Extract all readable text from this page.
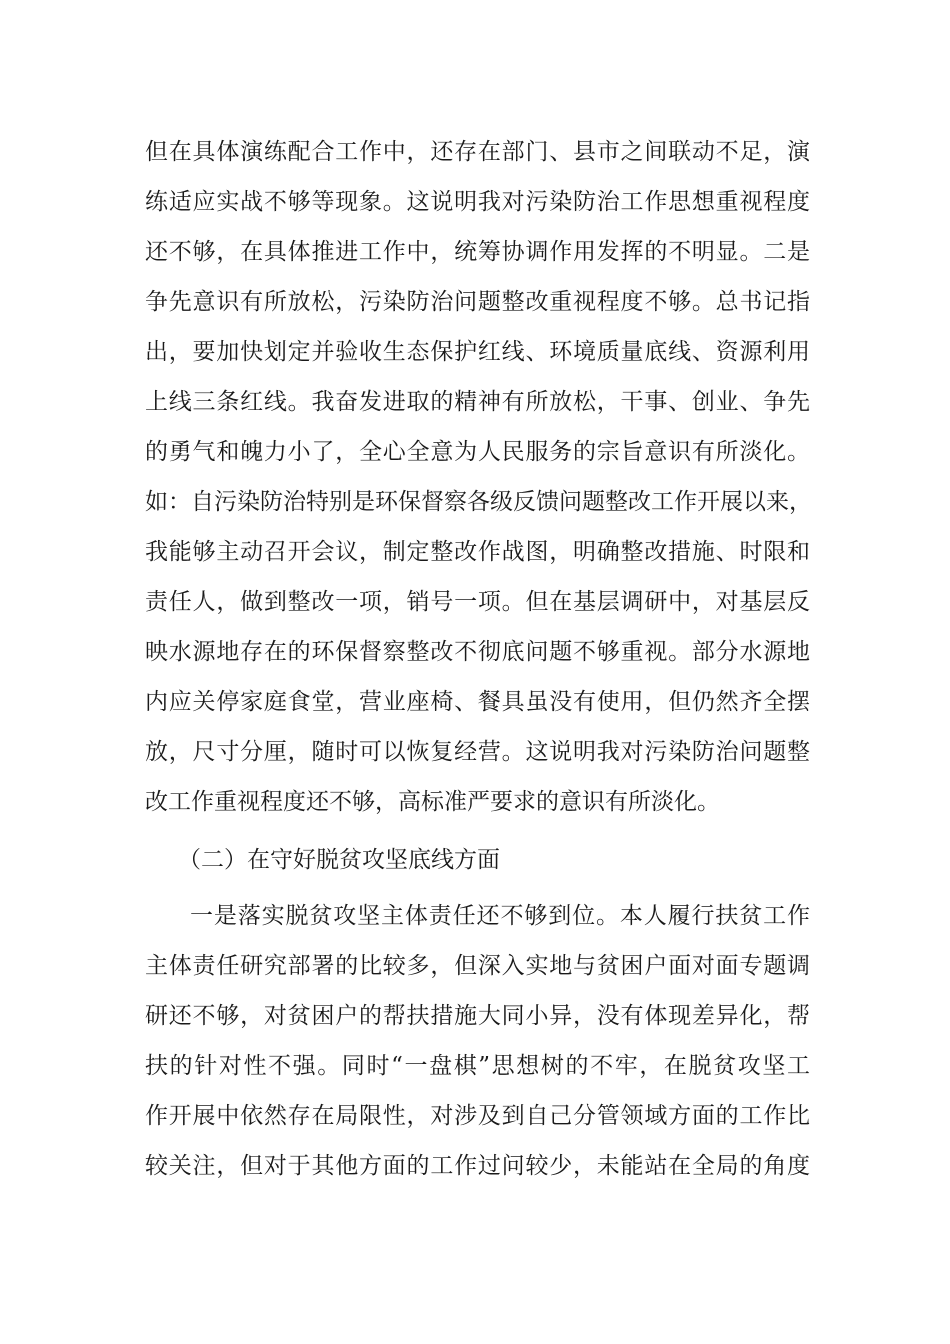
但在具体演练配合工作中，还存在部门、县市之间联动不足，演
练适应实战不够等现象。这说明我对污染防治工作思想重视程度
还不够，在具体推进工作中，统筹协调作用发挥的不明显。二是
争先意识有所放松，污染防治问题整改重视程度不够。总书记指
出，要加快划定并验收生态保护红线、环境质量底线、资源利用
上线三条红线。我奋发进取的精神有所放松，干事、创业、争先
的勇气和魄力小了，全心全意为人民服务的宗旨意识有所淡化。
如：自污染防治特别是环保督察各级反馈问题整改工作开展以来，
我能够主动召开会议，制定整改作战图，明确整改措施、时限和
责任人，做到整改一项，销号一项。但在基层调研中，对基层反
映水源地存在的环保督察整改不彻底问题不够重视。部分水源地
内应关停家庭食堂，营业座椅、餐具虽没有使用，但仍然齐全摆
放，尺寸分厘，随时可以恢复经营。这说明我对污染防治问题整
改工作重视程度还不够，高标准严要求的意识有所淡化。
（二）在守好脱贫攻坚底线方面
一是落实脱贫攻坚主体责任还不够到位。本人履行扶贫工作
主体责任研究部署的比较多，但深入实地与贫困户面对面专题调
研还不够，对贫困户的帮扶措施大同小异，没有体现差异化，帮
扶的针对性不强。同时“一盘棋”思想树的不牢，在脱贫攻坚工
作开展中依然存在局限性，对涉及到自己分管领域方面的工作比
较关注，但对于其他方面的工作过问较少，未能站在全局的角度
